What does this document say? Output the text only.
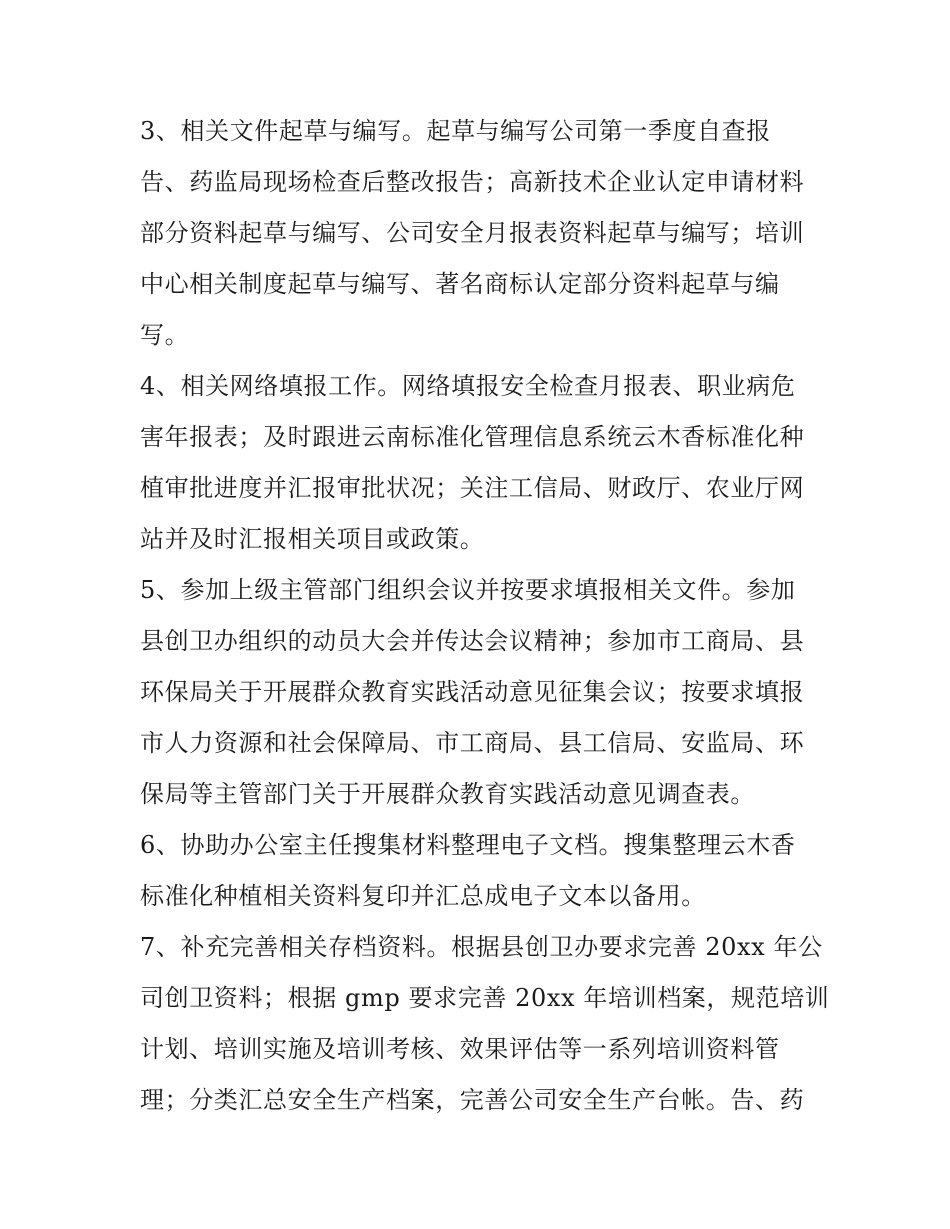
3、相关文件起草与编写。起草与编写公司第一季度自查报
告、药监局现场检查后整改报告；高新技术企业认定申请材料
部分资料起草与编写、公司安全月报表资料起草与编写；培训
中心相关制度起草与编写、著名商标认定部分资料起草与编
写。
4、相关网络填报工作。网络填报安全检查月报表、职业病危
害年报表；及时跟进云南标准化管理信息系统云木香标准化种
植审批进度并汇报审批状况；关注工信局、财政厅、农业厅网
站并及时汇报相关项目或政策。
5、参加上级主管部门组织会议并按要求填报相关文件。参加
县创卫办组织的动员大会并传达会议精神；参加市工商局、县
环保局关于开展群众教育实践活动意见征集会议；按要求填报
市人力资源和社会保障局、市工商局、县工信局、安监局、环
保局等主管部门关于开展群众教育实践活动意见调查表。
6、协助办公室主任搜集材料整理电子文档。搜集整理云木香
标准化种植相关资料复印并汇总成电子文本以备用。
7、补充完善相关存档资料。根据县创卫办要求完善 20xx 年公
司创卫资料；根据 gmp 要求完善 20xx 年培训档案，规范培训
计划、培训实施及培训考核、效果评估等一系列培训资料管
理；分类汇总安全生产档案，完善公司安全生产台帐。告、药
